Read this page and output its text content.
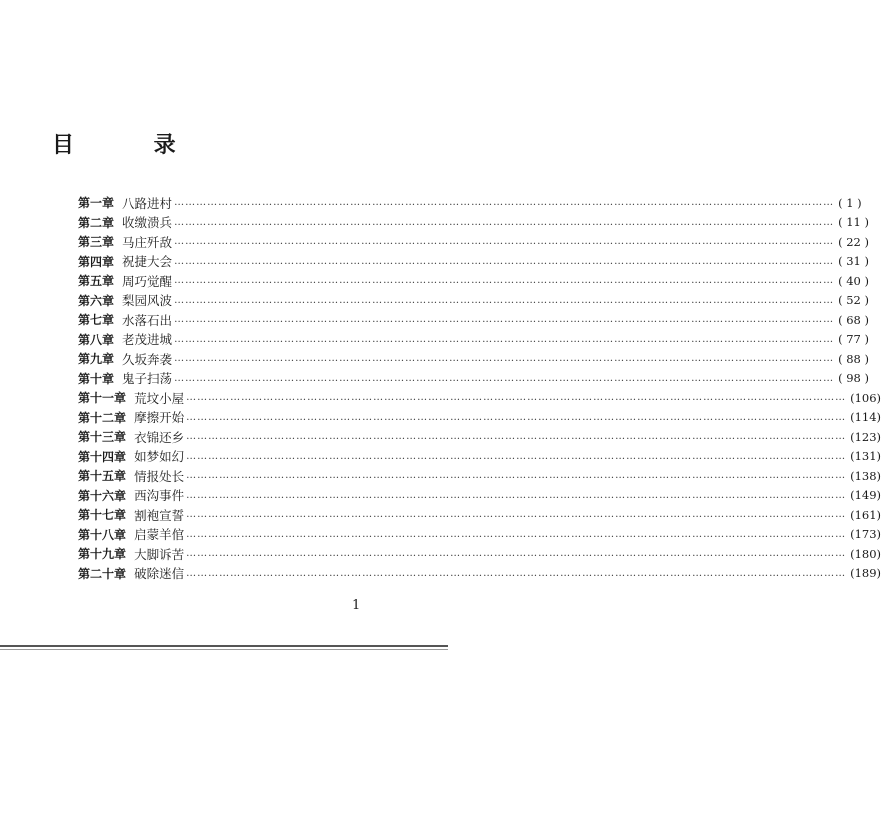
目 录
第 一 章 八路进村 ……………………………………………………………………………………………………………………………………………………………… ( 1 )
第 二 章 收缴溃兵 ……………………………………………………………………………………………………………………………………………………………… ( 11 )
第 三 章 马庄歼敌 ……………………………………………………………………………………………………………………………………………………………… ( 22 )
第 四 章 祝捷大会 ……………………………………………………………………………………………………………………………………………………………… ( 31 )
第 五 章 周巧觉醒 ……………………………………………………………………………………………………………………………………………………………… ( 40 )
第 六 章 梨园风波 ……………………………………………………………………………………………………………………………………………………………… ( 52 )
第 七 章 水落石出 ……………………………………………………………………………………………………………………………………………………………… ( 68 )
第 八 章 老茂进城 ……………………………………………………………………………………………………………………………………………………………… ( 77 )
第 九 章 久坂奔袭 ……………………………………………………………………………………………………………………………………………………………… ( 88 )
第 十 章 鬼子扫荡 ……………………………………………………………………………………………………………………………………………………………… ( 98 )
第 十 一 章 荒坟小屋 ……………………………………………………………………………………………………………………………………………………………… (106)
第 十 二 章 摩擦开始 ……………………………………………………………………………………………………………………………………………………………… (114)
第 十 三 章 衣锦还乡 ……………………………………………………………………………………………………………………………………………………………… (123)
第 十 四 章 如梦如幻 ……………………………………………………………………………………………………………………………………………………………… (131)
第 十 五 章 情报处长 ……………………………………………………………………………………………………………………………………………………………… (138)
第 十 六 章 西沟事件 ……………………………………………………………………………………………………………………………………………………………… (149)
第 十 七 章 割袍宣誓 ……………………………………………………………………………………………………………………………………………………………… (161)
第 十 八 章 启蒙羊倌 ……………………………………………………………………………………………………………………………………………………………… (173)
第 十 九 章 大脚诉苦 ……………………………………………………………………………………………………………………………………………………………… (180)
第 二 十 章 破除迷信 ……………………………………………………………………………………………………………………………………………………………… (189)
1
